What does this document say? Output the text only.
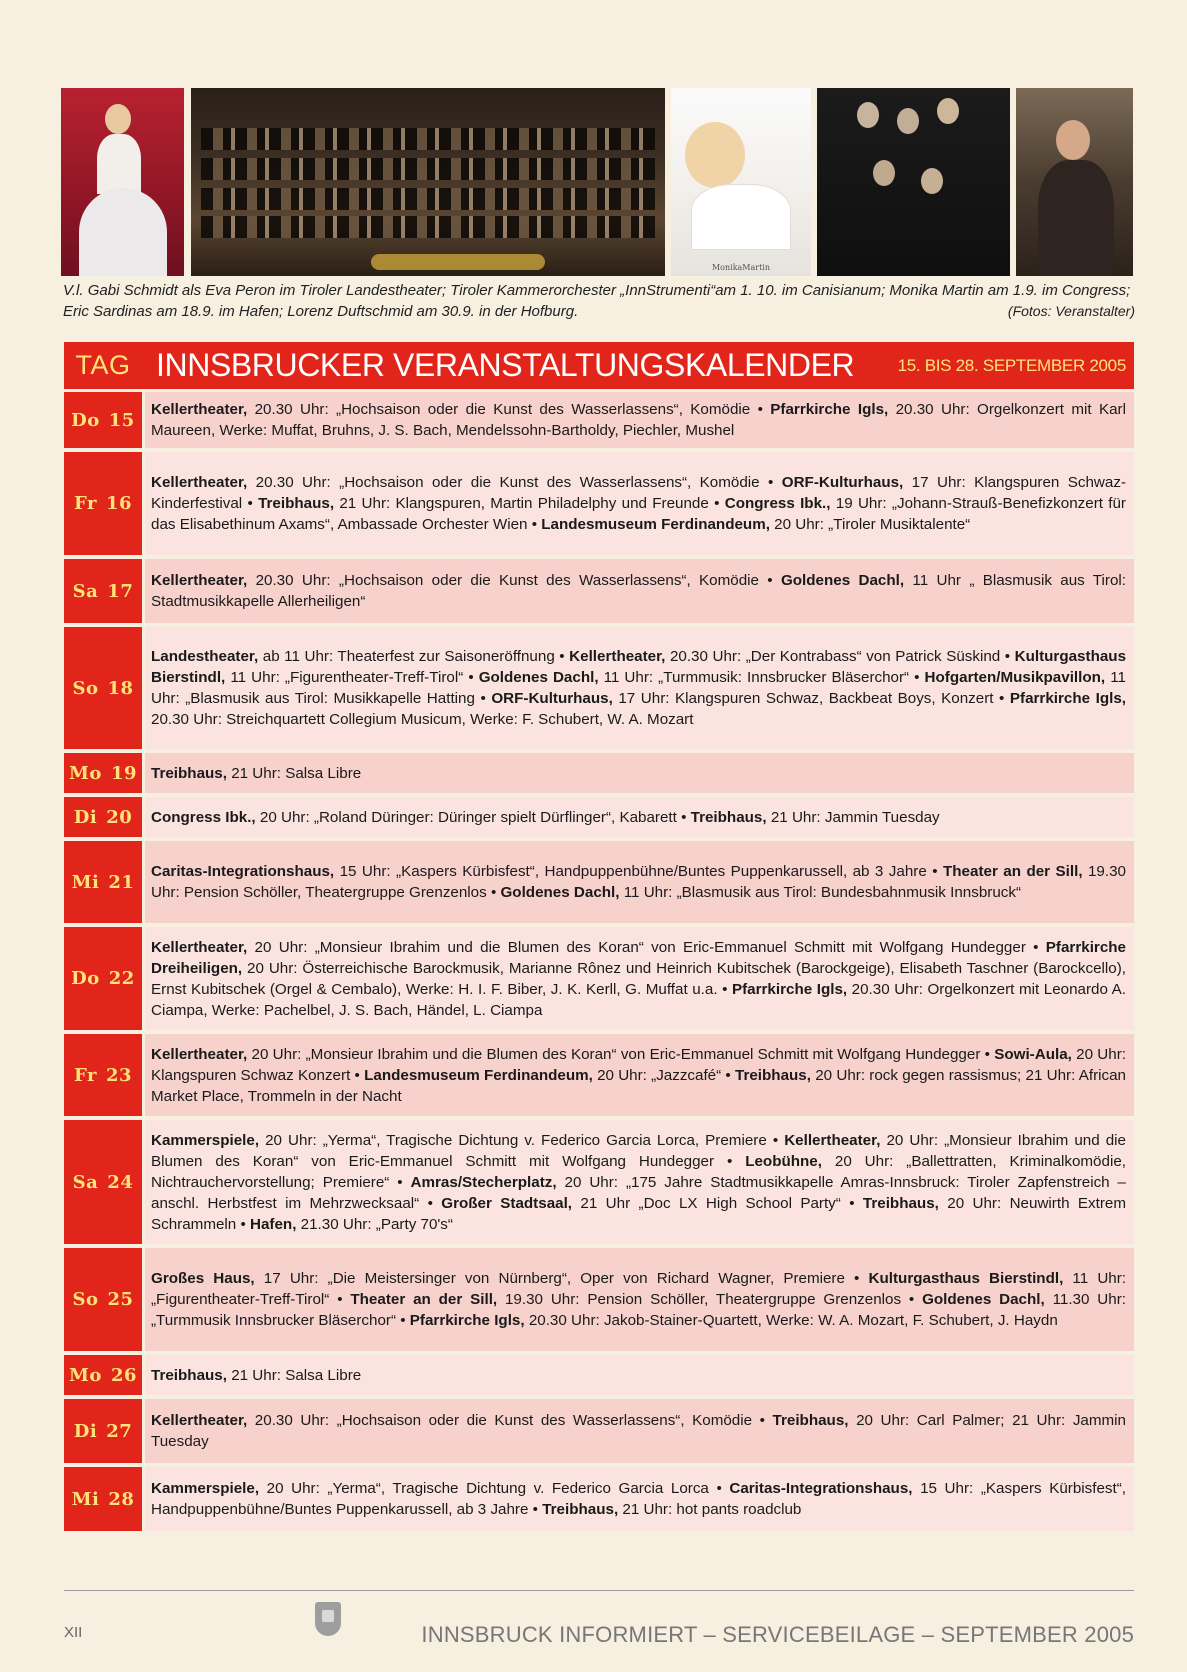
MonikaMartin
V.l. Gabi Schmidt als Eva Peron im Tiroler Landestheater; Tiroler Kammerorchester „InnStrumenti“am 1. 10. im Canisianum; Monika Martin am 1.9. im Congress; Eric Sardinas am 18.9. im Hafen; Lorenz Duftschmid am 30.9. in der Hofburg.	(Fotos: Veranstalter)
TAG INNSBRUCKER VERANSTALTUNGSKALENDER	15. BIS 28. SEPTEMBER 2005
Do 15 Kellertheater, 20.30 Uhr: „Hochsaison oder die Kunst des Wasserlassens“, Komödie • Pfarrkirche Igls, 20.30 Uhr: Orgelkonzert mit Karl Maureen, Werke: Muffat, Bruhns, J. S. Bach, Mendelssohn-Bartholdy, Piechler, Mushel
Fr 16
Kellertheater, 20.30 Uhr: „Hochsaison oder die Kunst des Wasserlassens“, Komödie • ORF-Kulturhaus, 17 Uhr: Klangspuren Schwaz-Kinderfestival • Treibhaus, 21 Uhr: Klangspuren, Martin Philadelphy und Freunde • Congress Ibk., 19 Uhr: „Johann-Strauß-Benefizkonzert für das Elisabethinum Axams“, Ambassade Orchester Wien • Landesmuseum Ferdinandeum, 20 Uhr: „Tiroler Musiktalente“
Sa 17 Kellertheater, 20.30 Uhr: „Hochsaison oder die Kunst des Wasserlassens“, Komödie • Goldenes Dachl, 11 Uhr „ Blasmusik aus Tirol: Stadtmusikkapelle Allerheiligen“
So 18
Landestheater, ab 11 Uhr: Theaterfest zur Saisoneröffnung • Kellertheater, 20.30 Uhr: „Der Kontrabass“ von Patrick Süskind • Kulturgasthaus Bierstindl, 11 Uhr: „Figurentheater-Treff-Tirol“ • Goldenes Dachl, 11 Uhr: „Turmmusik: Innsbrucker Bläserchor“ • Hofgarten/Musikpavillon, 11 Uhr: „Blasmusik aus Tirol: Musikkapelle Hatting • ORF-Kulturhaus, 17 Uhr: Klangspuren Schwaz, Backbeat Boys, Konzert • Pfarrkirche Igls, 20.30 Uhr: Streichquartett Collegium Musicum, Werke: F. Schubert, W. A. Mozart
Mo 19 Treibhaus, 21 Uhr: Salsa Libre
Di 20 Congress Ibk., 20 Uhr: „Roland Düringer: Düringer spielt Dürflinger“, Kabarett • Treibhaus, 21 Uhr: Jammin Tuesday
Mi 21 Caritas-Integrationshaus, 15 Uhr: „Kaspers Kürbisfest“, Handpuppenbühne/Buntes Puppenkarussell, ab 3 Jahre • Theater an der Sill, 19.30 Uhr: Pension Schöller, Theatergruppe Grenzenlos • Goldenes Dachl, 11 Uhr: „Blasmusik aus Tirol: Bundesbahnmusik Innsbruck“
Do 22
Kellertheater, 20 Uhr: „Monsieur Ibrahim und die Blumen des Koran“ von Eric-Emmanuel Schmitt mit Wolfgang Hundegger • Pfarrkirche Dreiheiligen, 20 Uhr: Österreichische Barockmusik, Marianne Rônez und Heinrich Kubitschek (Barockgeige), Elisabeth Taschner (Barockcello), Ernst Kubitschek (Orgel & Cembalo), Werke: H. I. F. Biber, J. K. Kerll, G. Muffat u.a. • Pfarrkirche Igls, 20.30 Uhr: Orgelkonzert mit Leonardo A. Ciampa, Werke: Pachelbel, J. S. Bach, Händel, L. Ciampa
Fr 23
Kellertheater, 20 Uhr: „Monsieur Ibrahim und die Blumen des Koran“ von Eric-Emmanuel Schmitt mit Wolfgang Hundegger • Sowi-Aula, 20 Uhr: Klangspuren Schwaz Konzert • Landesmuseum Ferdinandeum, 20 Uhr: „Jazzcafé“ • Treibhaus, 20 Uhr: rock gegen rassismus; 21 Uhr: African Market Place, Trommeln in der Nacht
Sa 24
Kammerspiele, 20 Uhr: „Yerma“, Tragische Dichtung v. Federico Garcia Lorca, Premiere • Kellertheater, 20 Uhr: „Monsieur Ibrahim und die Blumen des Koran“ von Eric-Emmanuel Schmitt mit Wolfgang Hundegger • Leobühne, 20 Uhr: „Ballettratten, Kriminalkomödie, Nichtrauchervorstellung; Premiere“ • Amras/Stecherplatz, 20 Uhr: „175 Jahre Stadtmusikkapelle Amras-Innsbruck: Tiroler Zapfenstreich – anschl. Herbstfest im Mehrzwecksaal“ • Großer Stadtsaal, 21 Uhr „Doc LX High School Party“ • Treibhaus, 20 Uhr: Neuwirth Extrem Schrammeln • Hafen, 21.30 Uhr: „Party 70's“
So 25
Großes Haus, 17 Uhr: „Die Meistersinger von Nürnberg“, Oper von Richard Wagner, Premiere • Kulturgasthaus Bierstindl, 11 Uhr: „Figurentheater-Treff-Tirol“ • Theater an der Sill, 19.30 Uhr: Pension Schöller, Theatergruppe Grenzenlos • Goldenes Dachl, 11.30 Uhr: „Turmmusik Innsbrucker Bläserchor“ • Pfarrkirche Igls, 20.30 Uhr: Jakob-Stainer-Quartett, Werke: W. A. Mozart, F. Schubert, J. Haydn
Mo 26 Treibhaus, 21 Uhr: Salsa Libre
Di 27 Kellertheater, 20.30 Uhr: „Hochsaison oder die Kunst des Wasserlassens“, Komödie • Treibhaus, 20 Uhr: Carl Palmer; 21 Uhr: Jammin Tuesday
Mi 28 Kammerspiele, 20 Uhr: „Yerma“, Tragische Dichtung v. Federico Garcia Lorca • Caritas-Integrationshaus, 15 Uhr: „Kaspers Kürbisfest“, Handpuppenbühne/Buntes Puppenkarussell, ab 3 Jahre • Treibhaus, 21 Uhr: hot pants roadclub
XII	INNSBRUCK INFORMIERT – SERVICEBEILAGE – SEPTEMBER 2005
